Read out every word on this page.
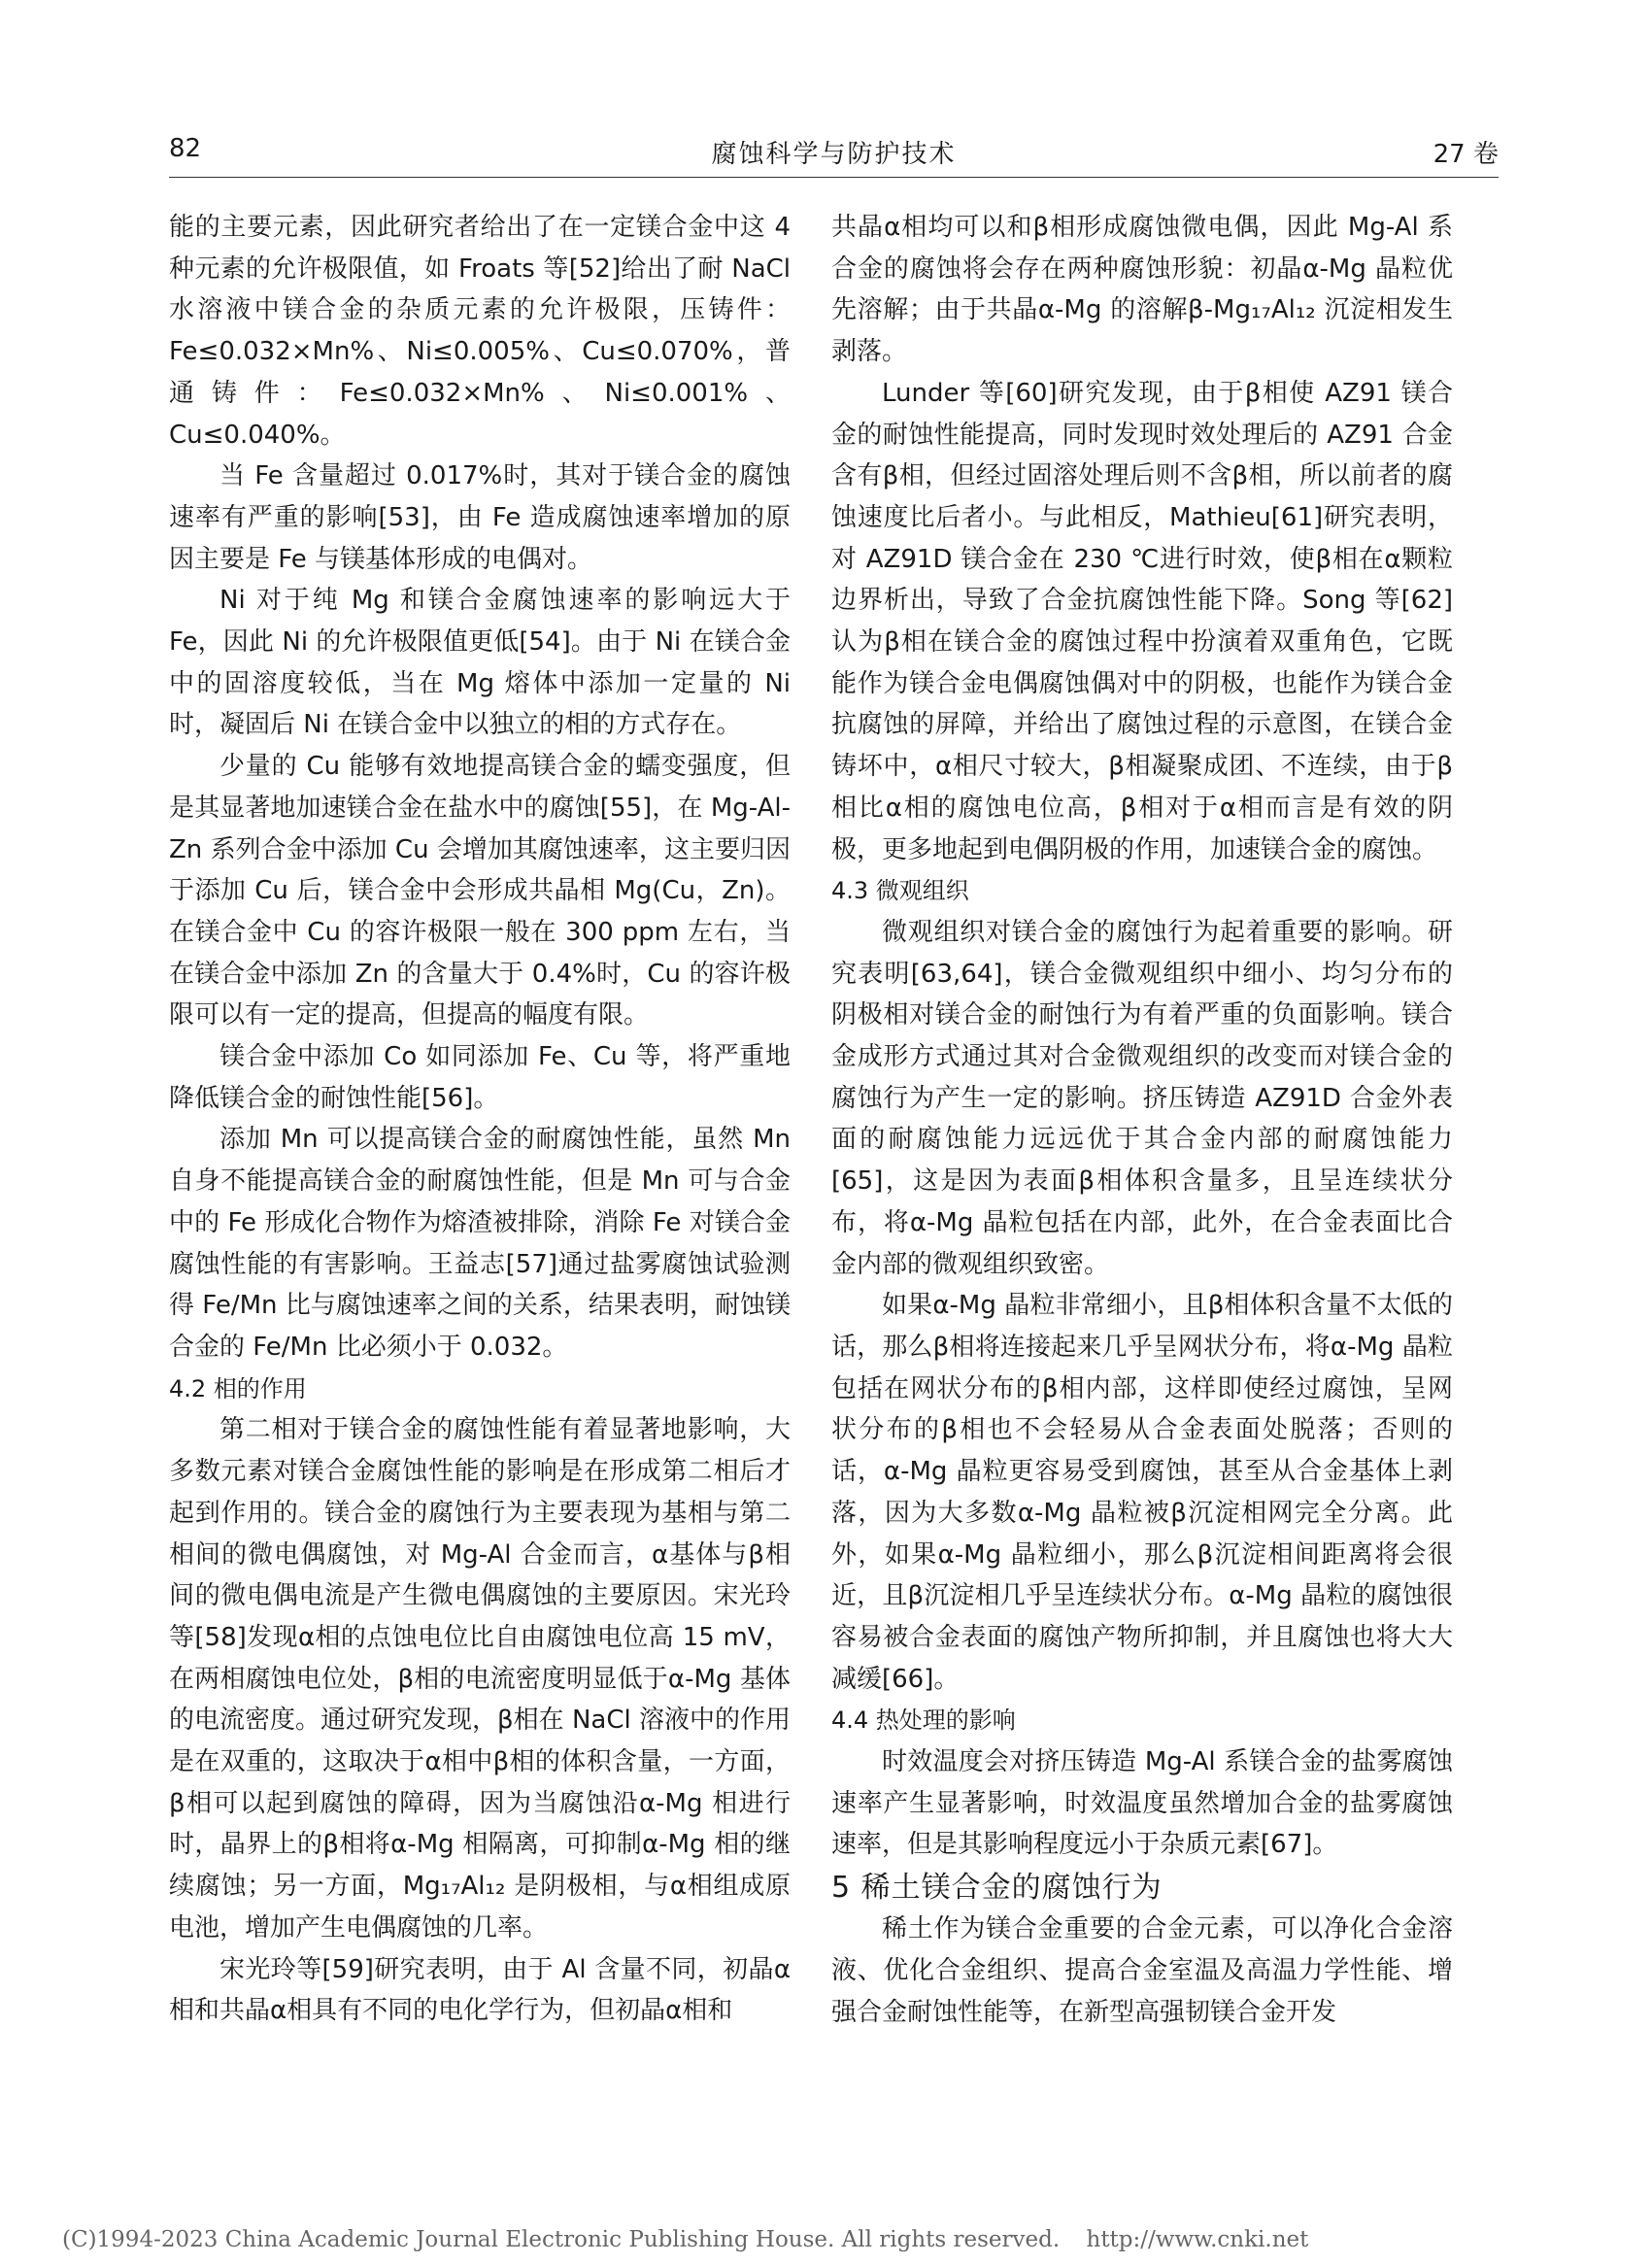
82	腐蚀科学与防护技术	27 卷

能的主要元素，因此研究者给出了在一定镁合金中这 4 种元素的允许极限值，如 Froats 等[52]给出了耐 NaCl 水溶液中镁合金的杂质元素的允许极限，压铸件：Fe≤0.032×Mn%、Ni≤0.005%、Cu≤0.070%，普通铸件：Fe≤0.032×Mn%、Ni≤0.001%、Cu≤0.040%。

当 Fe 含量超过 0.017%时，其对于镁合金的腐蚀速率有严重的影响[53]，由 Fe 造成腐蚀速率增加的原因主要是 Fe 与镁基体形成的电偶对。

Ni 对于纯 Mg 和镁合金腐蚀速率的影响远大于 Fe，因此 Ni 的允许极限值更低[54]。由于 Ni 在镁合金中的固溶度较低，当在 Mg 熔体中添加一定量的 Ni 时，凝固后 Ni 在镁合金中以独立的相的方式存在。

少量的 Cu 能够有效地提高镁合金的蠕变强度，但是其显著地加速镁合金在盐水中的腐蚀[55]，在 Mg-Al-Zn 系列合金中添加 Cu 会增加其腐蚀速率，这主要归因于添加 Cu 后，镁合金中会形成共晶相 Mg(Cu，Zn)。在镁合金中 Cu 的容许极限一般在 300 ppm 左右，当在镁合金中添加 Zn 的含量大于 0.4%时，Cu 的容许极限可以有一定的提高，但提高的幅度有限。

镁合金中添加 Co 如同添加 Fe、Cu 等，将严重地降低镁合金的耐蚀性能[56]。

添加 Mn 可以提高镁合金的耐腐蚀性能，虽然 Mn 自身不能提高镁合金的耐腐蚀性能，但是 Mn 可与合金中的 Fe 形成化合物作为熔渣被排除，消除 Fe 对镁合金腐蚀性能的有害影响。王益志[57]通过盐雾腐蚀试验测得 Fe/Mn 比与腐蚀速率之间的关系，结果表明，耐蚀镁合金的 Fe/Mn 比必须小于 0.032。

4.2 相的作用

第二相对于镁合金的腐蚀性能有着显著地影响，大多数元素对镁合金腐蚀性能的影响是在形成第二相后才起到作用的。镁合金的腐蚀行为主要表现为基相与第二相间的微电偶腐蚀，对 Mg-Al 合金而言，α基体与β相间的微电偶电流是产生微电偶腐蚀的主要原因。宋光玲等[58]发现α相的点蚀电位比自由腐蚀电位高 15 mV，在两相腐蚀电位处，β相的电流密度明显低于α-Mg 基体的电流密度。通过研究发现，β相在 NaCl 溶液中的作用是在双重的，这取决于α相中β相的体积含量，一方面，β相可以起到腐蚀的障碍，因为当腐蚀沿α-Mg 相进行时，晶界上的β相将α-Mg 相隔离，可抑制α-Mg 相的继续腐蚀；另一方面，Mg₁₇Al₁₂ 是阴极相，与α相组成原电池，增加产生电偶腐蚀的几率。

宋光玲等[59]研究表明，由于 Al 含量不同，初晶α相和共晶α相具有不同的电化学行为，但初晶α相和

共晶α相均可以和β相形成腐蚀微电偶，因此 Mg-Al 系合金的腐蚀将会存在两种腐蚀形貌：初晶α-Mg 晶粒优先溶解；由于共晶α-Mg 的溶解β-Mg₁₇Al₁₂ 沉淀相发生剥落。

Lunder 等[60]研究发现，由于β相使 AZ91 镁合金的耐蚀性能提高，同时发现时效处理后的 AZ91 合金含有β相，但经过固溶处理后则不含β相，所以前者的腐蚀速度比后者小。与此相反，Mathieu[61]研究表明，对 AZ91D 镁合金在 230 ℃进行时效，使β相在α颗粒边界析出，导致了合金抗腐蚀性能下降。Song 等[62]认为β相在镁合金的腐蚀过程中扮演着双重角色，它既能作为镁合金电偶腐蚀偶对中的阴极，也能作为镁合金抗腐蚀的屏障，并给出了腐蚀过程的示意图，在镁合金铸坏中，α相尺寸较大，β相凝聚成团、不连续，由于β相比α相的腐蚀电位高，β相对于α相而言是有效的阴极，更多地起到电偶阴极的作用，加速镁合金的腐蚀。

4.3 微观组织

微观组织对镁合金的腐蚀行为起着重要的影响。研究表明[63,64]，镁合金微观组织中细小、均匀分布的阴极相对镁合金的耐蚀行为有着严重的负面影响。镁合金成形方式通过其对合金微观组织的改变而对镁合金的腐蚀行为产生一定的影响。挤压铸造 AZ91D 合金外表面的耐腐蚀能力远远优于其合金内部的耐腐蚀能力[65]，这是因为表面β相体积含量多，且呈连续状分布，将α-Mg 晶粒包括在内部，此外，在合金表面比合金内部的微观组织致密。

如果α-Mg 晶粒非常细小，且β相体积含量不太低的话，那么β相将连接起来几乎呈网状分布，将α-Mg 晶粒包括在网状分布的β相内部，这样即使经过腐蚀，呈网状分布的β相也不会轻易从合金表面处脱落；否则的话，α-Mg 晶粒更容易受到腐蚀，甚至从合金基体上剥落，因为大多数α-Mg 晶粒被β沉淀相网完全分离。此外，如果α-Mg 晶粒细小，那么β沉淀相间距离将会很近，且β沉淀相几乎呈连续状分布。α-Mg 晶粒的腐蚀很容易被合金表面的腐蚀产物所抑制，并且腐蚀也将大大减缓[66]。

4.4 热处理的影响

时效温度会对挤压铸造 Mg-Al 系镁合金的盐雾腐蚀速率产生显著影响，时效温度虽然增加合金的盐雾腐蚀速率，但是其影响程度远小于杂质元素[67]。

5 稀土镁合金的腐蚀行为

稀土作为镁合金重要的合金元素，可以净化合金溶液、优化合金组织、提高合金室温及高温力学性能、增强合金耐蚀性能等，在新型高强韧镁合金开发

(C)1994-2023 China Academic Journal Electronic Publishing House. All rights reserved. http://www.cnki.net
